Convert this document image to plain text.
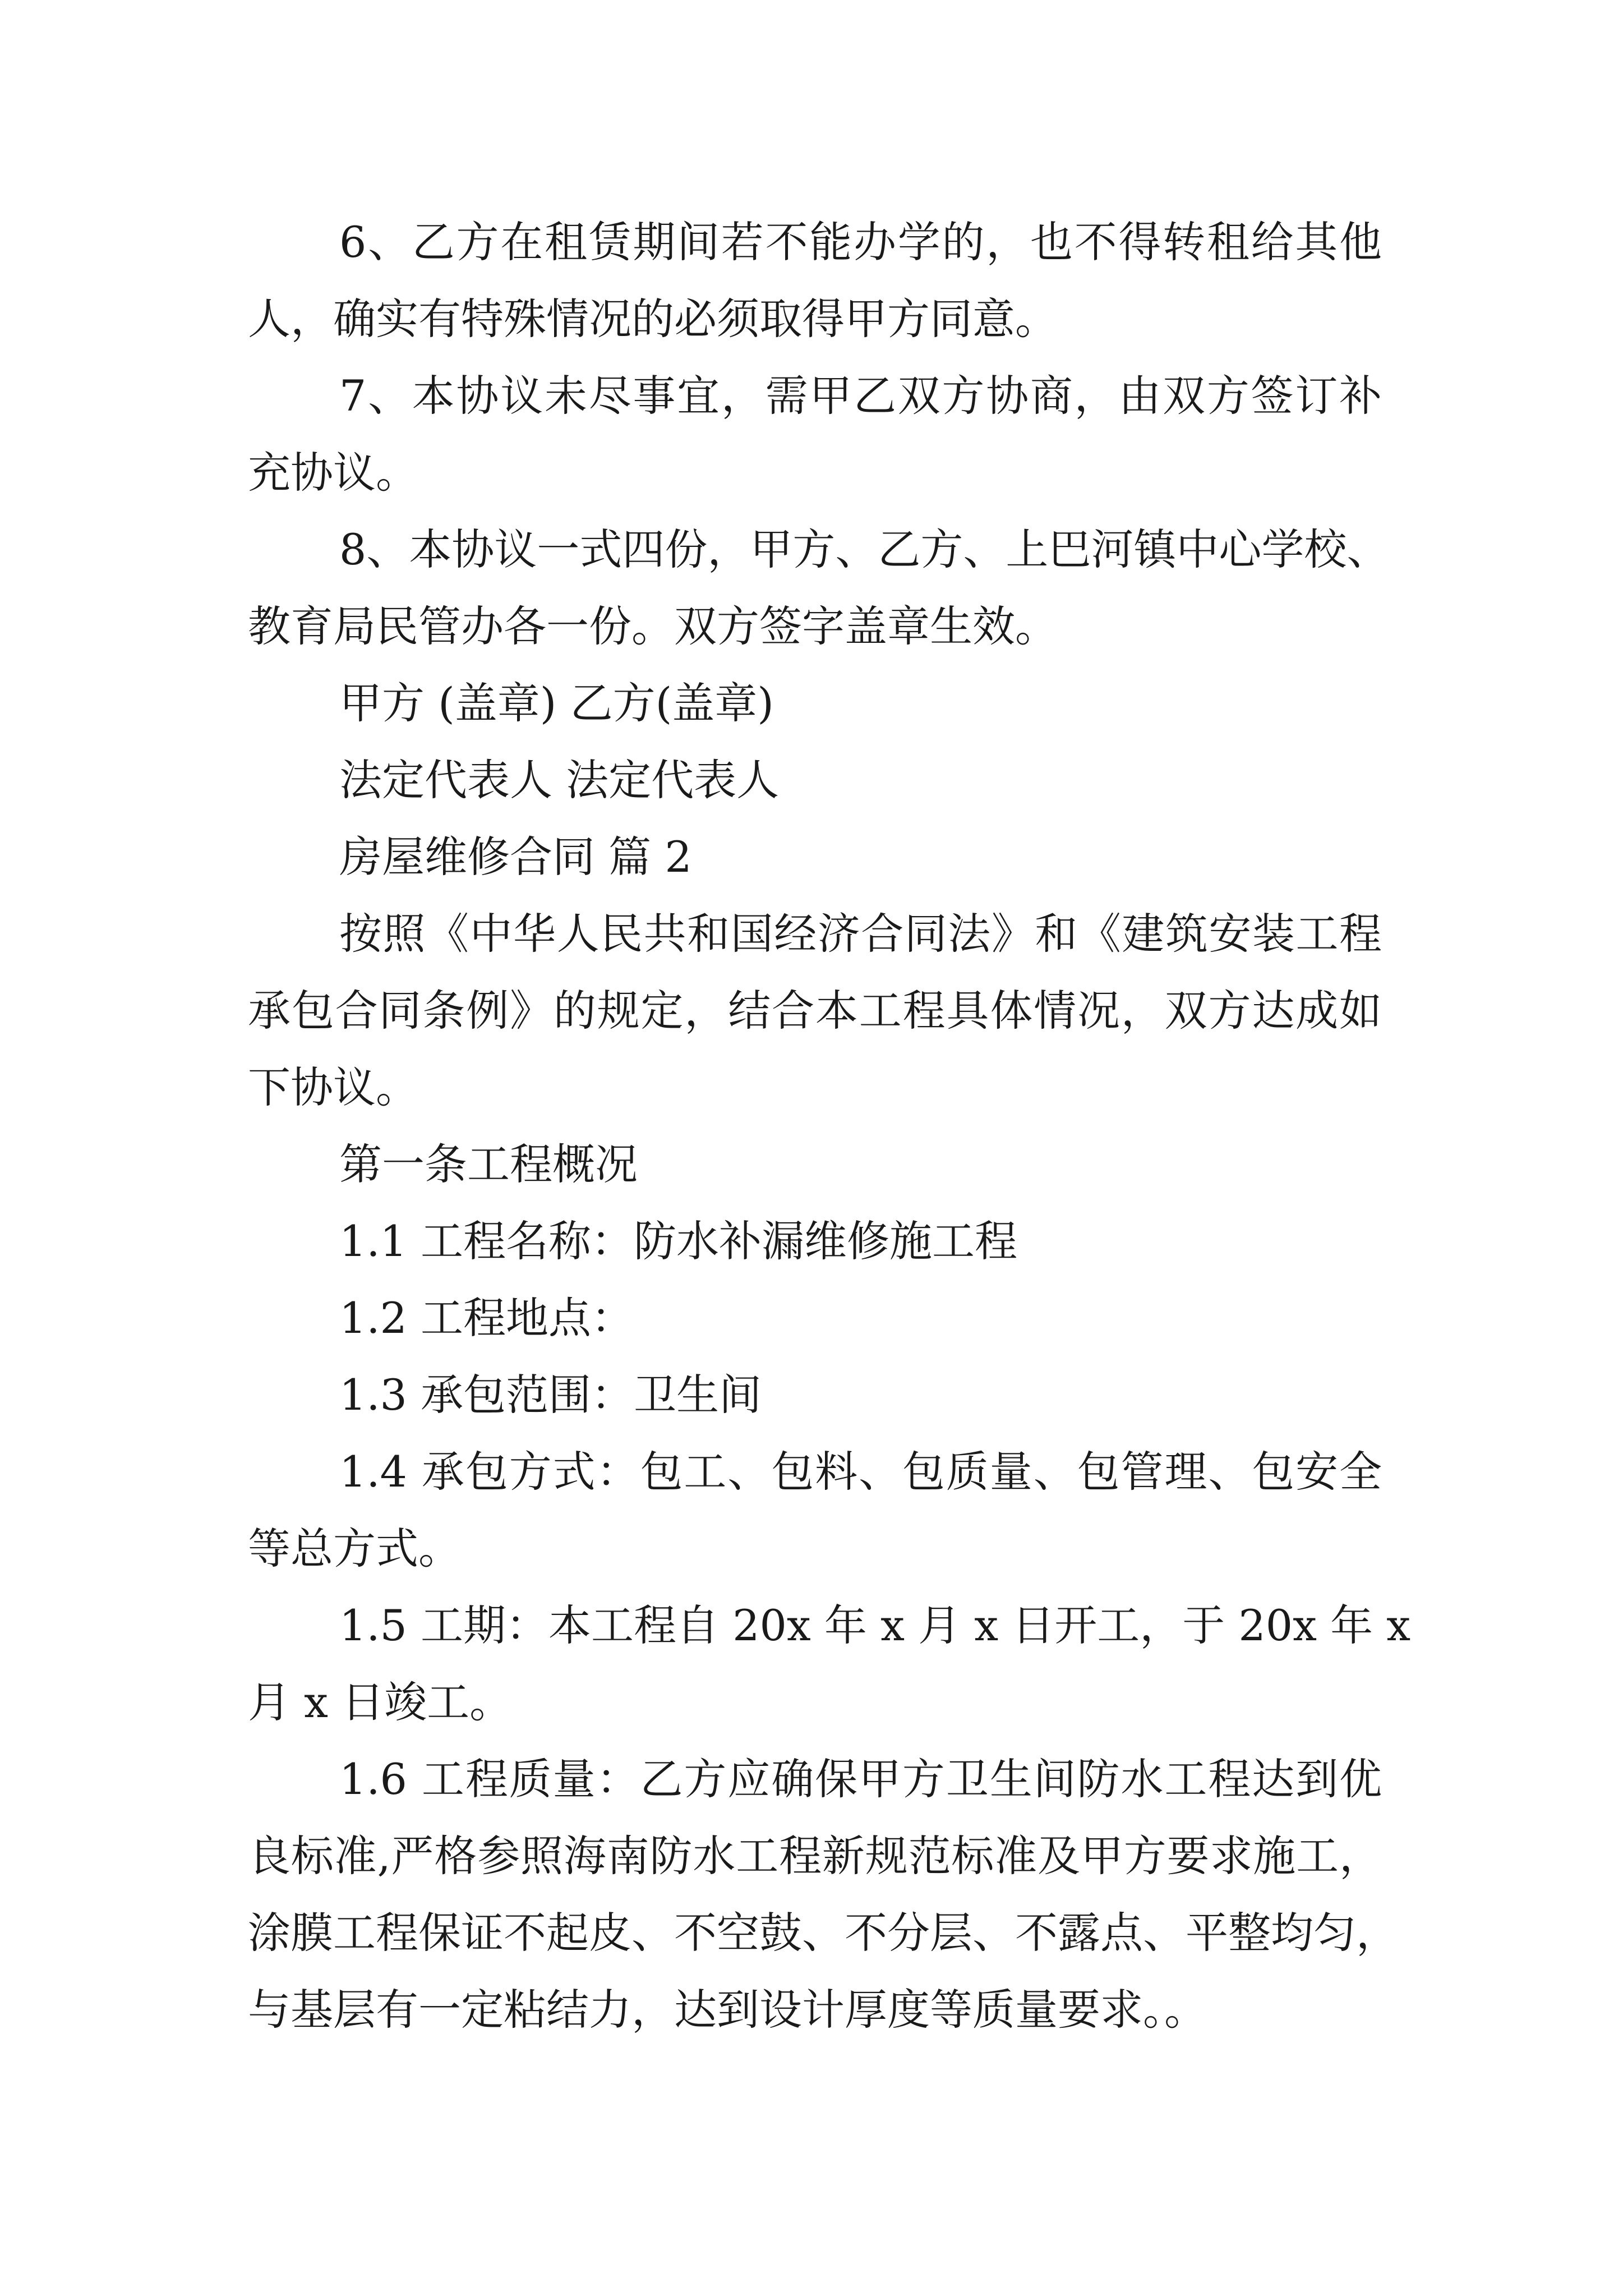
6、乙方在租赁期间若不能办学的，也不得转租给其他

人，确实有特殊情况的必须取得甲方同意。

7、本协议未尽事宜，需甲乙双方协商，由双方签订补

充协议。

8、本协议一式四份，甲方、乙方、上巴河镇中心学校、

教育局民管办各一份。双方签字盖章生效。

甲方 (盖章) 乙方(盖章)

法定代表人 法定代表人

房屋维修合同 篇 2

按照《中华人民共和国经济合同法》和《建筑安装工程

承包合同条例》的规定，结合本工程具体情况，双方达成如

下协议。

第一条工程概况

1.1 工程名称：防水补漏维修施工程

1.2 工程地点：

1.3 承包范围：卫生间

1.4 承包方式：包工、包料、包质量、包管理、包安全

等总方式。

1.5 工期：本工程自 20x 年 x 月 x 日开工，于 20x 年 x

月 x 日竣工。

1.6 工程质量：乙方应确保甲方卫生间防水工程达到优

良标准,严格参照海南防水工程新规范标准及甲方要求施工，

涂膜工程保证不起皮、不空鼓、不分层、不露点、平整均匀，

与基层有一定粘结力，达到设计厚度等质量要求。。
